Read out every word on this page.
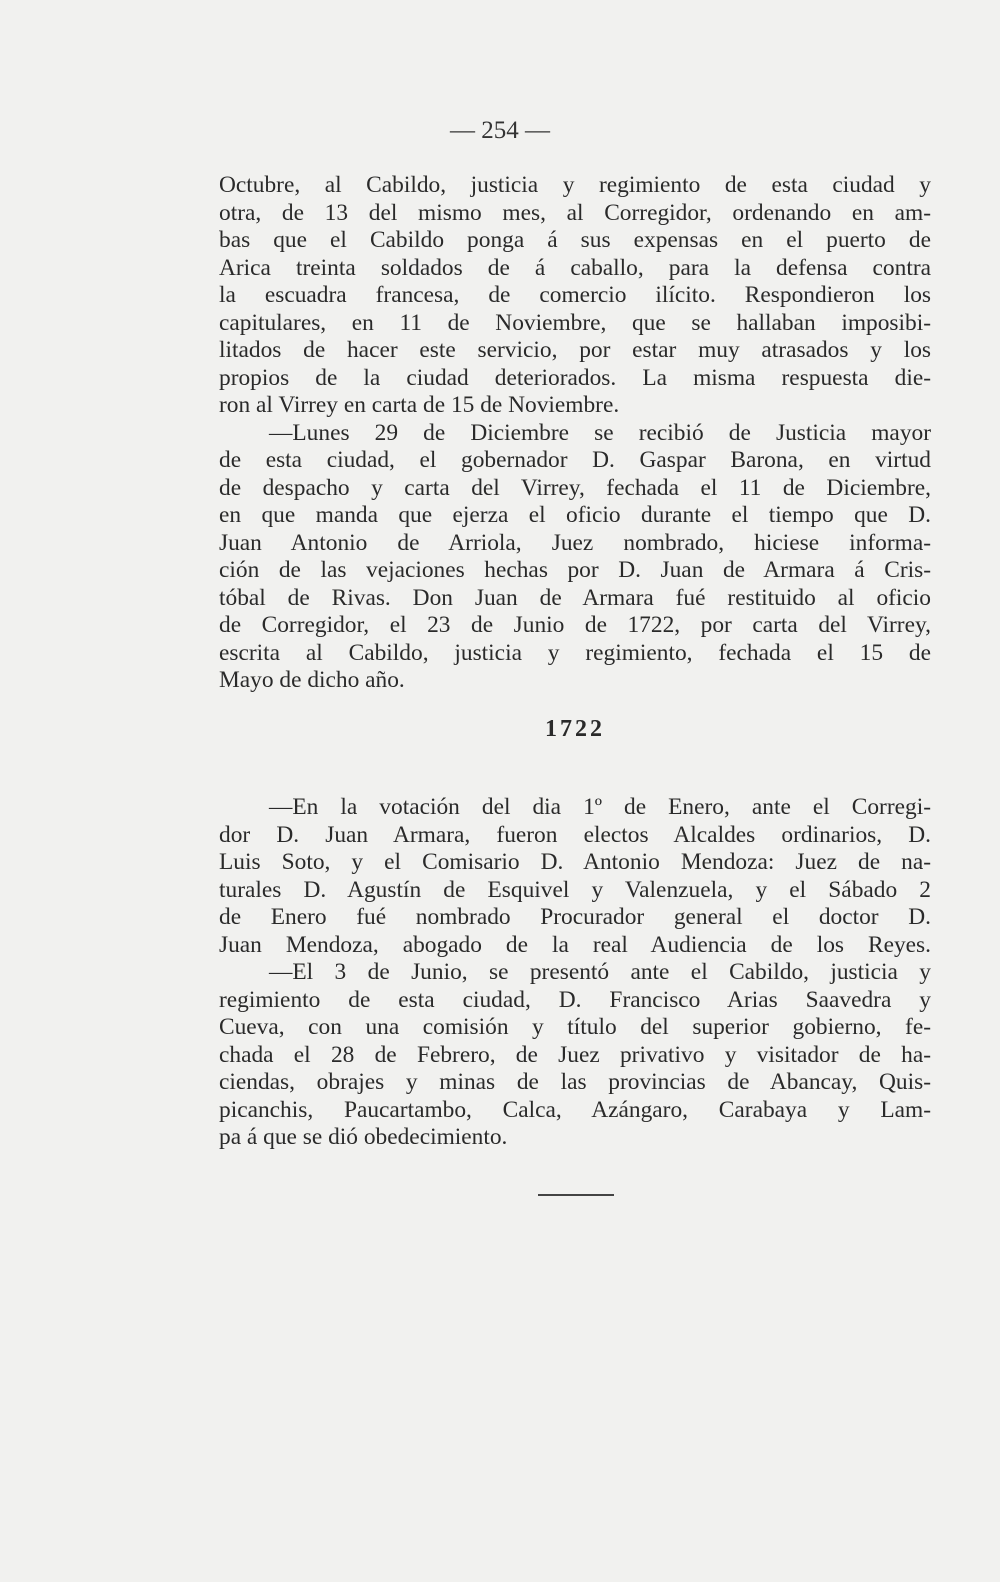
— 254 —
Octubre, al Cabildo, justicia y regimiento de esta ciudad y
otra, de 13 del mismo mes, al Corregidor, ordenando en am-
bas que el Cabildo ponga á sus expensas en el puerto de
Arica treinta soldados de á caballo, para la defensa contra
la escuadra francesa, de comercio ilícito. Respondieron los
capitulares, en 11 de Noviembre, que se hallaban imposibi-
litados de hacer este servicio, por estar muy atrasados y los
propios de la ciudad deteriorados. La misma respuesta die-
ron al Virrey en carta de 15 de Noviembre.
—Lunes 29 de Diciembre se recibió de Justicia mayor
de esta ciudad, el gobernador D. Gaspar Barona, en virtud
de despacho y carta del Virrey, fechada el 11 de Diciembre,
en que manda que ejerza el oficio durante el tiempo que D.
Juan Antonio de Arriola, Juez nombrado, hiciese informa-
ción de las vejaciones hechas por D. Juan de Armara á Cris-
tóbal de Rivas. Don Juan de Armara fué restituido al oficio
de Corregidor, el 23 de Junio de 1722, por carta del Virrey,
escrita al Cabildo, justicia y regimiento, fechada el 15 de
Mayo de dicho año.
1722
—En la votación del dia 1º de Enero, ante el Corregi-
dor D. Juan Armara, fueron electos Alcaldes ordinarios, D.
Luis Soto, y el Comisario D. Antonio Mendoza: Juez de na-
turales D. Agustín de Esquivel y Valenzuela, y el Sábado 2
de Enero fué nombrado Procurador general el doctor D.
Juan Mendoza, abogado de la real Audiencia de los Reyes.
—El 3 de Junio, se presentó ante el Cabildo, justicia y
regimiento de esta ciudad, D. Francisco Arias Saavedra y
Cueva, con una comisión y título del superior gobierno, fe-
chada el 28 de Febrero, de Juez privativo y visitador de ha-
ciendas, obrajes y minas de las provincias de Abancay, Quis-
picanchis, Paucartambo, Calca, Azángaro, Carabaya y Lam-
pa á que se dió obedecimiento.
